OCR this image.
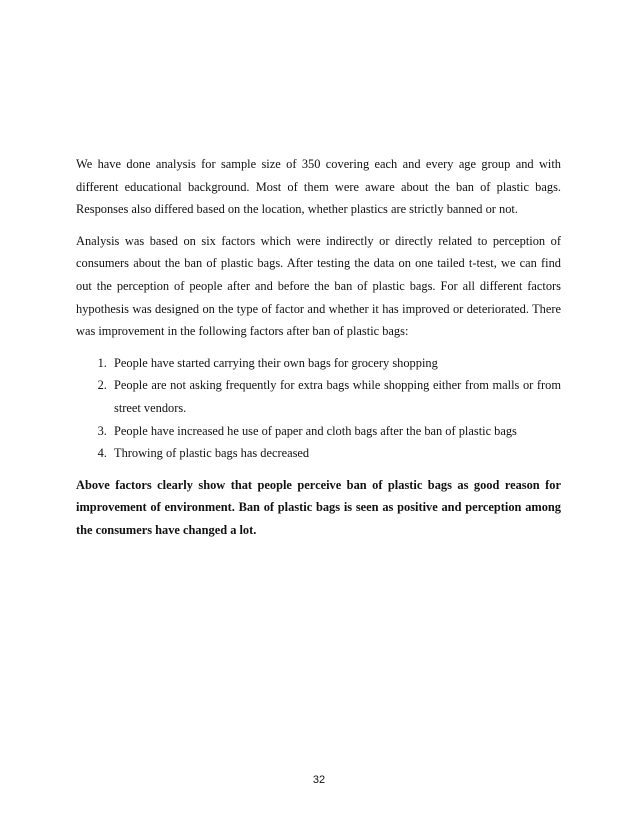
We have done analysis for sample size of 350 covering each and every age group and with different educational background. Most of them were aware about the ban of plastic bags. Responses also differed based on the location, whether plastics are strictly banned or not.

Analysis was based on six factors which were indirectly or directly related to perception of consumers about the ban of plastic bags. After testing the data on one tailed t-test, we can find out the perception of people after and before the ban of plastic bags. For all different factors hypothesis was designed on the type of factor and whether it has improved or deteriorated. There was improvement in the following factors after ban of plastic bags:

1. People have started carrying their own bags for grocery shopping
2. People are not asking frequently for extra bags while shopping either from malls or from street vendors.
3. People have increased he use of paper and cloth bags after the ban of plastic bags
4. Throwing of plastic bags has decreased

Above factors clearly show that people perceive ban of plastic bags as good reason for improvement of environment. Ban of plastic bags is seen as positive and perception among the consumers have changed a lot.

32
